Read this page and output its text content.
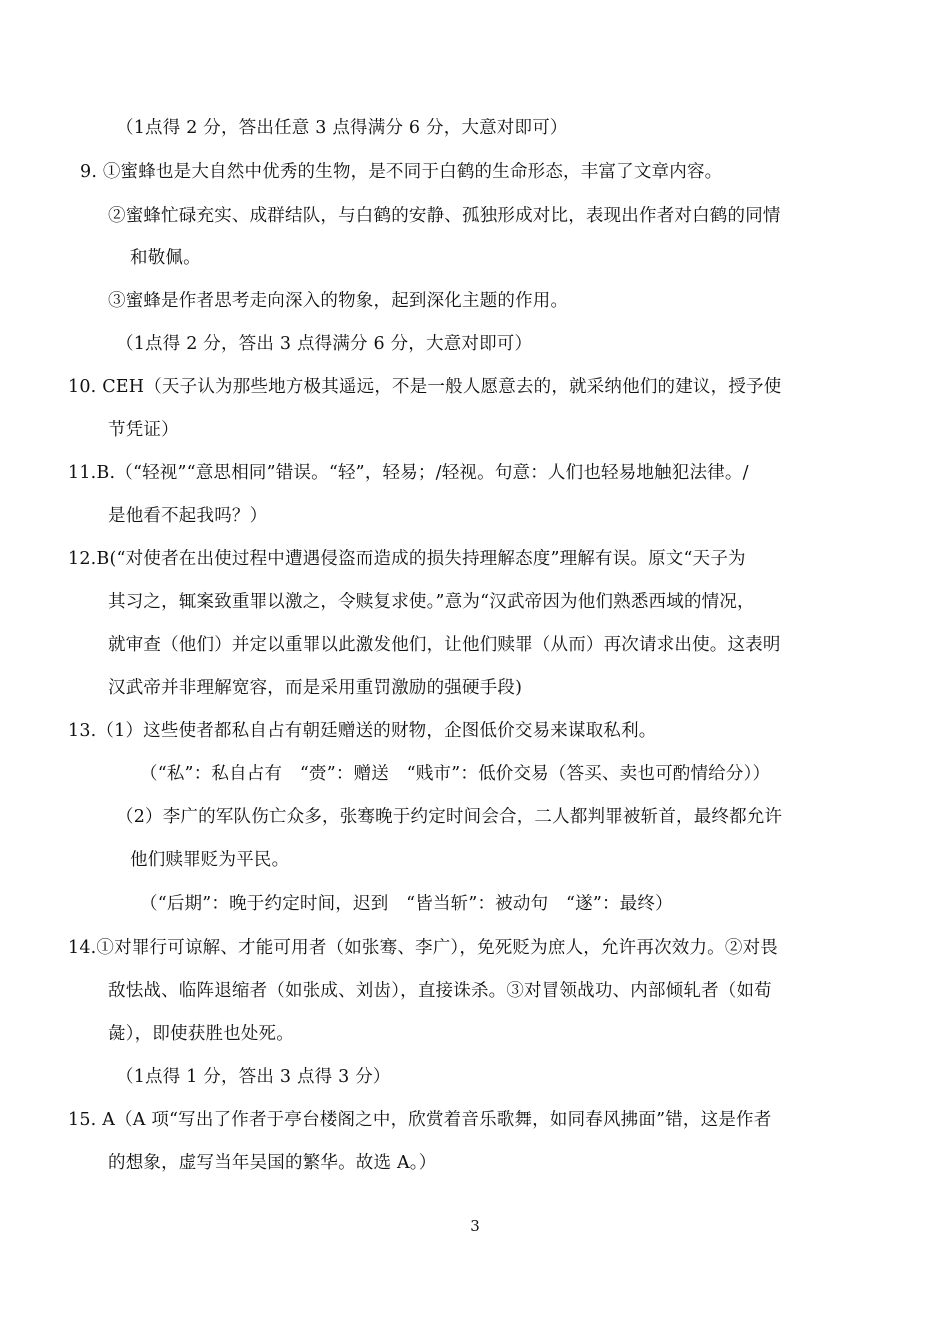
（1点得 2 分，答出任意 3 点得满分 6 分，大意对即可）
9. ①蜜蜂也是大自然中优秀的生物，是不同于白鹤的生命形态，丰富了文章内容。
②蜜蜂忙碌充实、成群结队，与白鹤的安静、孤独形成对比，表现出作者对白鹤的同情
和敬佩。
③蜜蜂是作者思考走向深入的物象，起到深化主题的作用。
（1点得 2 分，答出 3 点得满分 6 分，大意对即可）
10. CEH（天子认为那些地方极其遥远，不是一般人愿意去的，就采纳他们的建议，授予使
节凭证）
11.B.（“轻视”“意思相同”错误。“轻”，轻易；/轻视。句意：人们也轻易地触犯法律。/
是他看不起我吗？）
12.B(“对使者在出使过程中遭遇侵盗而造成的损失持理解态度”理解有误。原文“天子为
其习之，辄案致重罪以激之，令赎复求使。”意为“汉武帝因为他们熟悉西域的情况，
就审查（他们）并定以重罪以此激发他们，让他们赎罪（从而）再次请求出使。这表明
汉武帝并非理解宽容，而是采用重罚激励的强硬手段)
13.（1）这些使者都私自占有朝廷赠送的财物，企图低价交易来谋取私利。
（“私”：私自占有　“赍”：赠送　“贱市”：低价交易（答买、卖也可酌情给分））
（2）李广的军队伤亡众多，张骞晚于约定时间会合，二人都判罪被斩首，最终都允许
他们赎罪贬为平民。
（“后期”：晚于约定时间，迟到　“皆当斩”：被动句　“遂”：最终）
14.①对罪行可谅解、才能可用者（如张骞、李广），免死贬为庶人，允许再次效力。②对畏
敌怯战、临阵退缩者（如张成、刘齿），直接诛杀。③对冒领战功、内部倾轧者（如荀
彘），即使获胜也处死。
（1点得 1 分，答出 3 点得 3 分）
15. A（A 项“写出了作者于亭台楼阁之中，欣赏着音乐歌舞，如同春风拂面”错，这是作者
的想象，虚写当年吴国的繁华。故选 A。）
3
